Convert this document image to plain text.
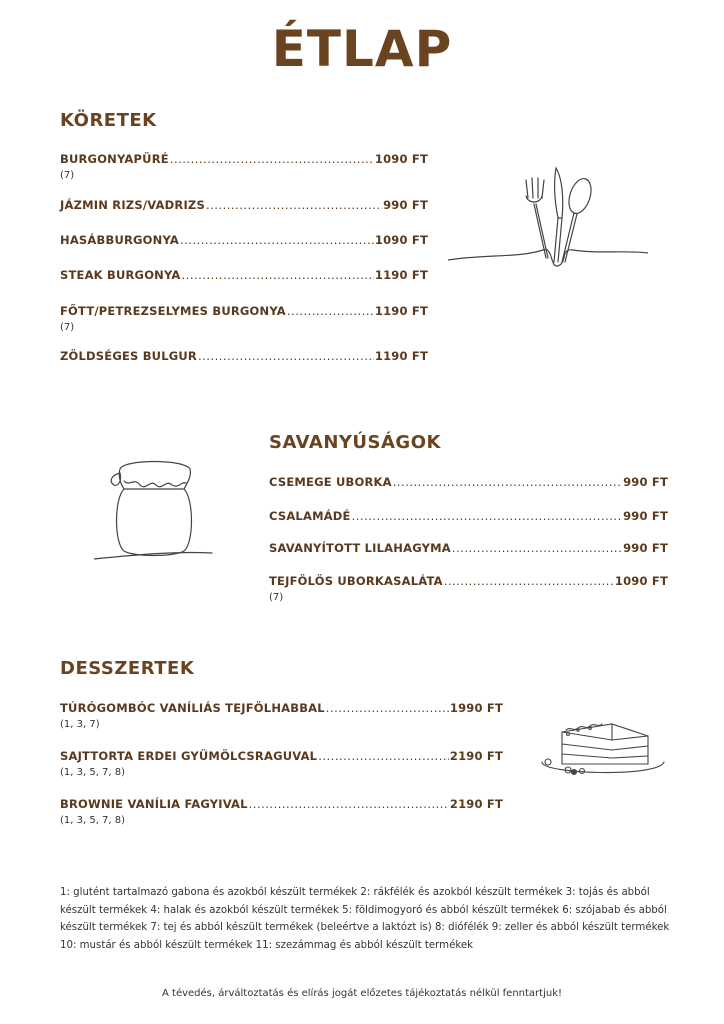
ÉTLAP
KÖRETEK
BURGONYAPÜRÉ .....	1090 FT
(7)
JÁZMIN RIZS/VADRIZS .....	990 FT
HASÁBBURGONYA .....	1090 FT
STEAK BURGONYA .....	1190 FT
FŐTT/PETREZSELYMES BURGONYA .....	1190 FT
(7)
ZÖLDSÉGES BULGUR .....	1190 FT
SAVANYÚSÁGOK
CSEMEGE UBORKA .....	990 FT
CSALAMÁDÉ .....	990 FT
SAVANYÍTOTT LILAHAGYMA .....	990 FT
TEJFÖLÖS UBORKASALÁTA .....	1090 FT
(7)
DESSZERTEK
TÚRÓGOMBÓC VANÍLIÁS TEJFÖLHABBAL .....	1990 FT
(1, 3, 7)
SAJTTORTA ERDEI GYÜMÖLCSRAGUVAL .....	2190 FT
(1, 3, 5, 7, 8)
BROWNIE VANÍLIA FAGYIVAL .....	2190 FT
(1, 3, 5, 7, 8)
1: glutént tartalmazó gabona és azokból készült termékek 2: rákfélék és azokból készült termékek 3: tojás és abból készült termékek 4: halak és azokból készült termékek 5: földimogyoró és abból készült termékek 6: szójabab és abból készült termékek 7: tej és abból készült termékek (beleértve a laktózt is) 8: diófélék 9: zeller és abból készült termékek 10: mustár és abból készült termékek 11: szezámmag és abból készült termékek
A tévedés, árváltoztatás és elírás jogát előzetes tájékoztatás nélkül fenntartjuk!
